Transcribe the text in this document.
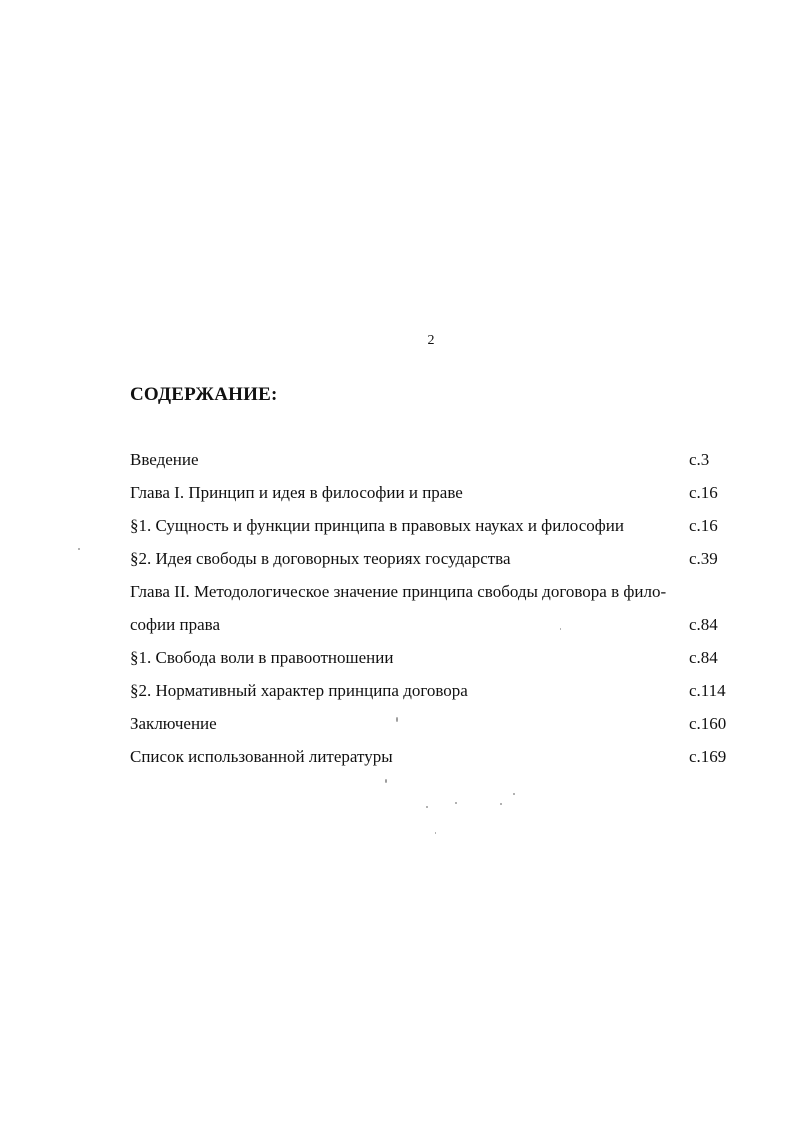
2
СОДЕРЖАНИЕ:
Введение	с.3
Глава I. Принцип и идея в философии и праве	с.16
§1. Сущность и функции принципа в правовых науках и философии	с.16
§2. Идея свободы в договорных теориях государства	с.39
Глава II. Методологическое значение принципа свободы договора в фило-
софии права	с.84
§1. Свобода воли в правоотношении	с.84
§2. Нормативный характер принципа договора	с.114
Заключение	с.160
Список использованной литературы	с.169
